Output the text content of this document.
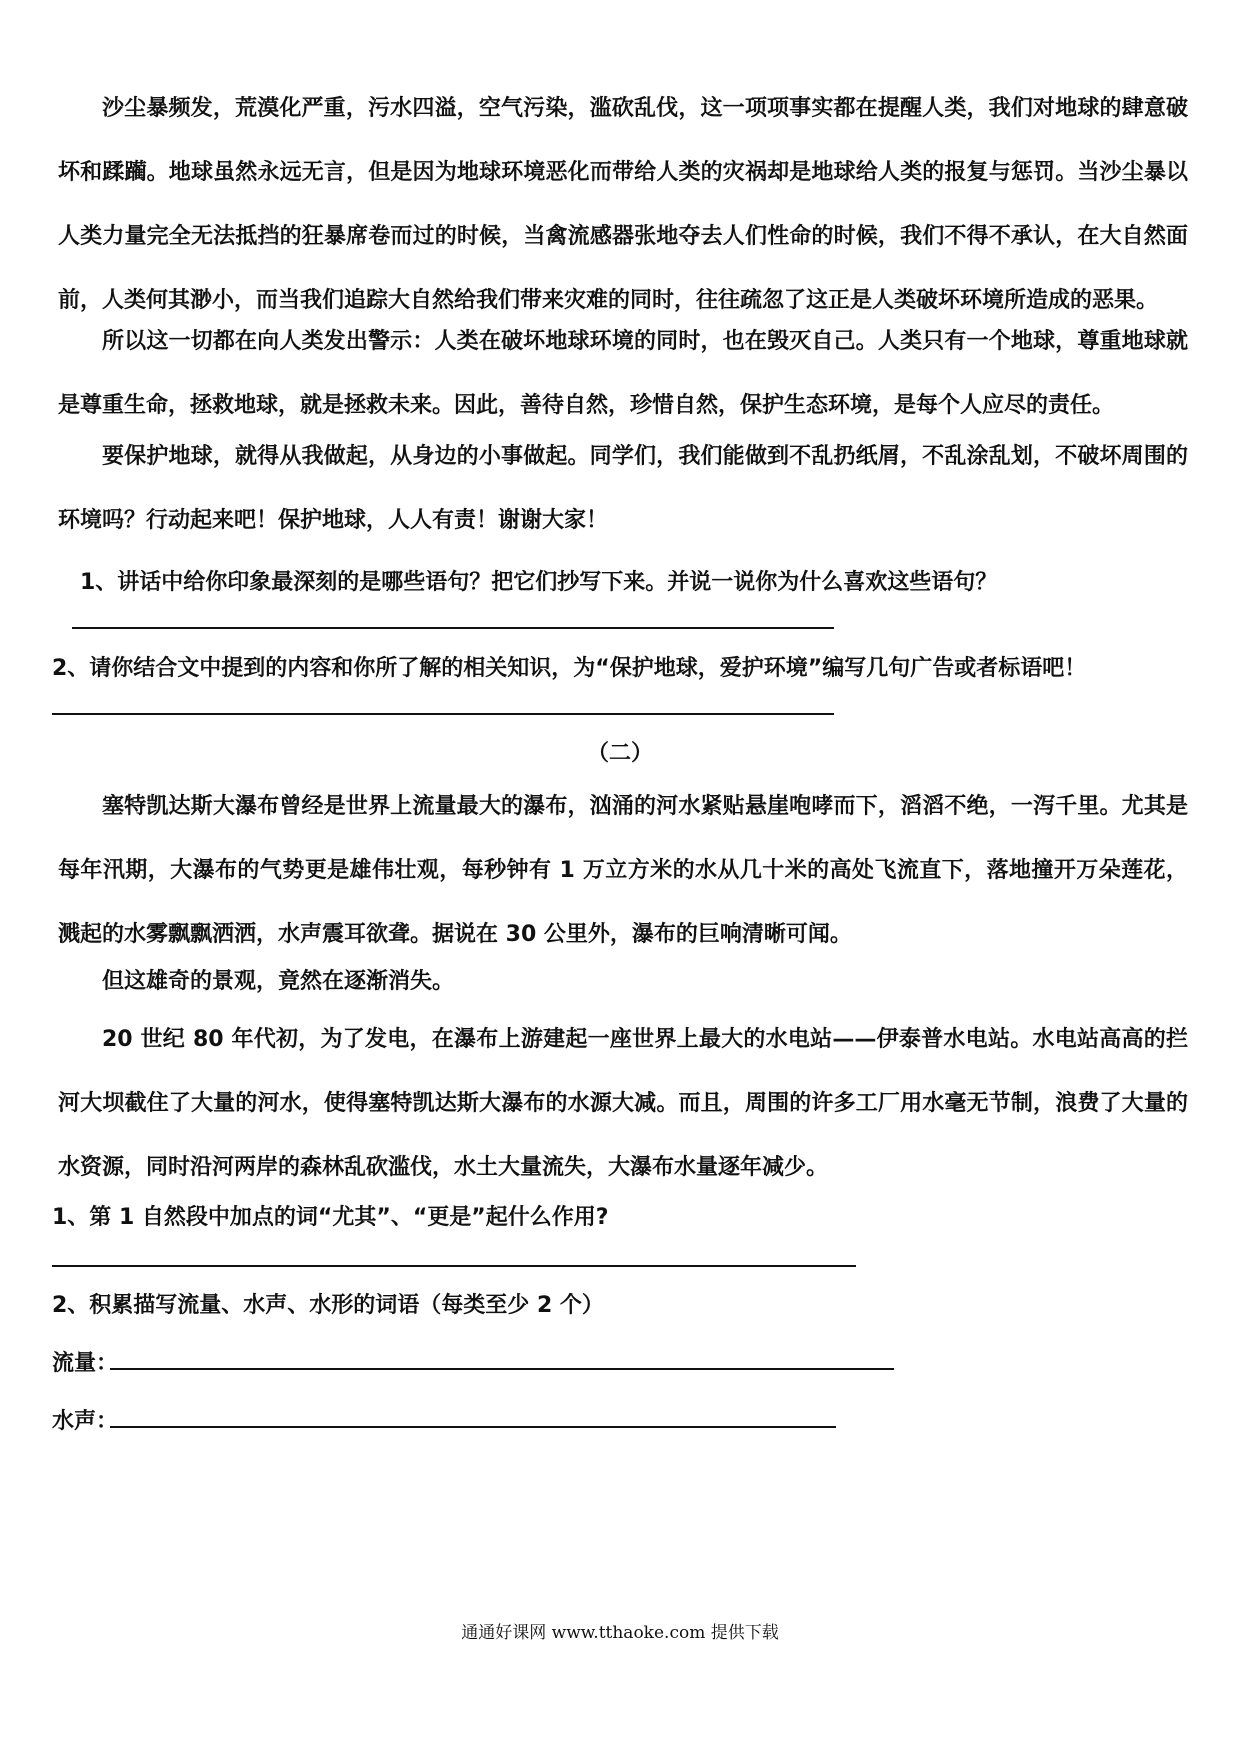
沙尘暴频发，荒漠化严重，污水四溢，空气污染，滥砍乱伐，这一项项事实都在提醒人类，我们对地球的肆意破坏和蹂躏。地球虽然永远无言，但是因为地球环境恶化而带给人类的灾祸却是地球给人类的报复与惩罚。当沙尘暴以人类力量完全无法抵挡的狂暴席卷而过的时候，当禽流感器张地夺去人们性命的时候，我们不得不承认，在大自然面前，人类何其渺小，而当我们追踪大自然给我们带来灾难的同时，往往疏忽了这正是人类破坏环境所造成的恶果。

所以这一切都在向人类发出警示：人类在破坏地球环境的同时，也在毁灭自己。人类只有一个地球，尊重地球就是尊重生命，拯救地球，就是拯救未来。因此，善待自然，珍惜自然，保护生态环境，是每个人应尽的责任。

要保护地球，就得从我做起，从身边的小事做起。同学们，我们能做到不乱扔纸屑，不乱涂乱划，不破坏周围的环境吗？行动起来吧！保护地球，人人有责！谢谢大家！

1、讲话中给你印象最深刻的是哪些语句？把它们抄写下来。并说一说你为什么喜欢这些语句？

2、请你结合文中提到的内容和你所了解的相关知识，为“保护地球，爱护环境”编写几句广告或者标语吧！

（二）

塞特凯达斯大瀑布曾经是世界上流量最大的瀑布，汹涌的河水紧贴悬崖咆哮而下，滔滔不绝，一泻千里。尤其是每年汛期，大瀑布的气势更是雄伟壮观，每秒钟有 1 万立方米的水从几十米的高处飞流直下，落地撞开万朵莲花，溅起的水雾飘飘洒洒，水声震耳欲聋。据说在 30 公里外，瀑布的巨响清晰可闻。

但这雄奇的景观，竟然在逐渐消失。

20 世纪 80 年代初，为了发电，在瀑布上游建起一座世界上最大的水电站——伊泰普水电站。水电站高高的拦河大坝截住了大量的河水，使得塞特凯达斯大瀑布的水源大减。而且，周围的许多工厂用水毫无节制，浪费了大量的水资源，同时沿河两岸的森林乱砍滥伐，水土大量流失，大瀑布水量逐年减少。

1、第 1 自然段中加点的词“尤其”、“更是”起什么作用?

2、积累描写流量、水声、水形的词语（每类至少 2 个）

流量：
水声：
通通好课网 www.tthaoke.com 提供下载
